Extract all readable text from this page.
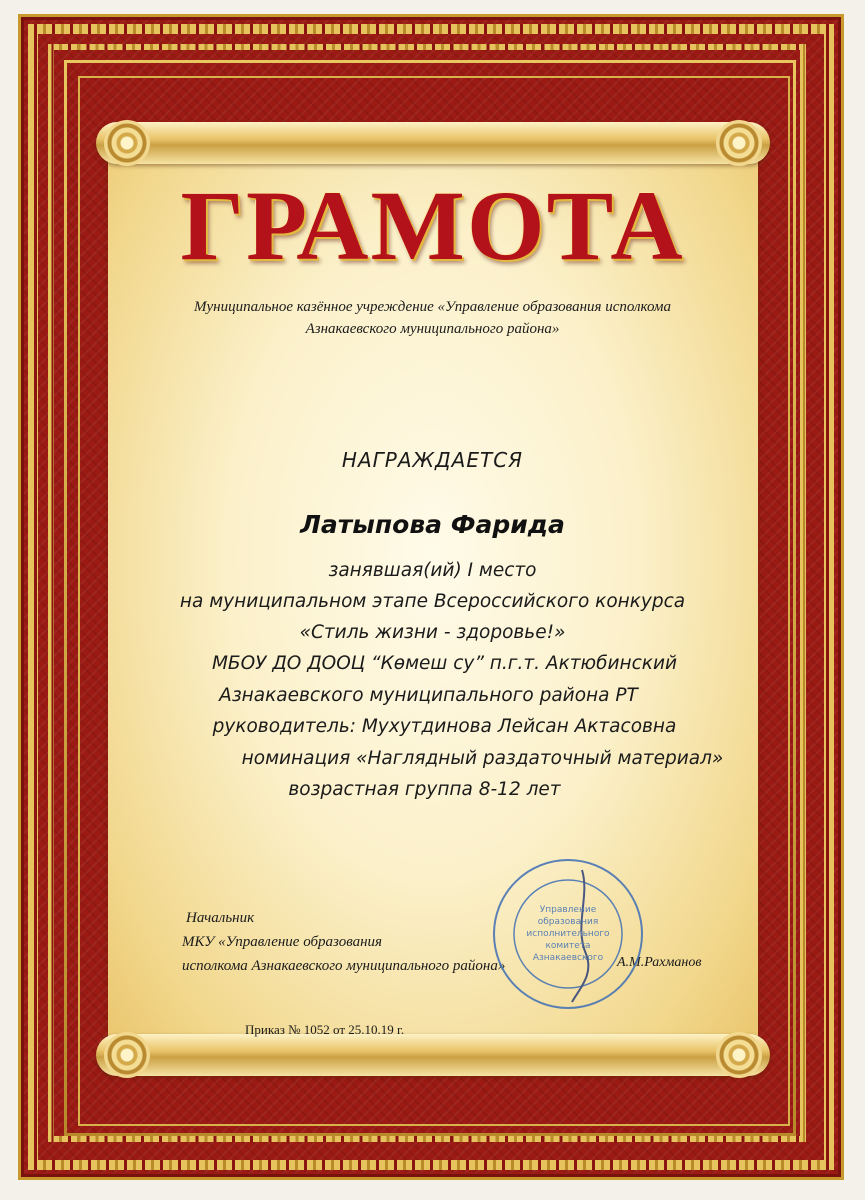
ГРАМОТА
Муниципальное казённое учреждение «Управление образования исполкома
Азнакаевского муниципального района»
НАГРАЖДАЕТСЯ
Латыпова Фарида
занявшая(ий) I место
на муниципальном этапе Всероссийского конкурса
«Стиль жизни - здоровье!»
МБОУ ДО ДООЦ “Көмеш су” п.г.т. Актюбинский
Азнакаевского муниципального района РТ
руководитель: Мухутдинова Лейсан Актасовна
номинация «Наглядный раздаточный материал»
возрастная группа 8-12 лет
Начальник
МКУ «Управление образования
исполкома Азнакаевского муниципального района»	А.М.Рахманов
Управление
образования
исполнительного
комитета
Азнакаевского
Приказ № 1052 от 25.10.19 г.
